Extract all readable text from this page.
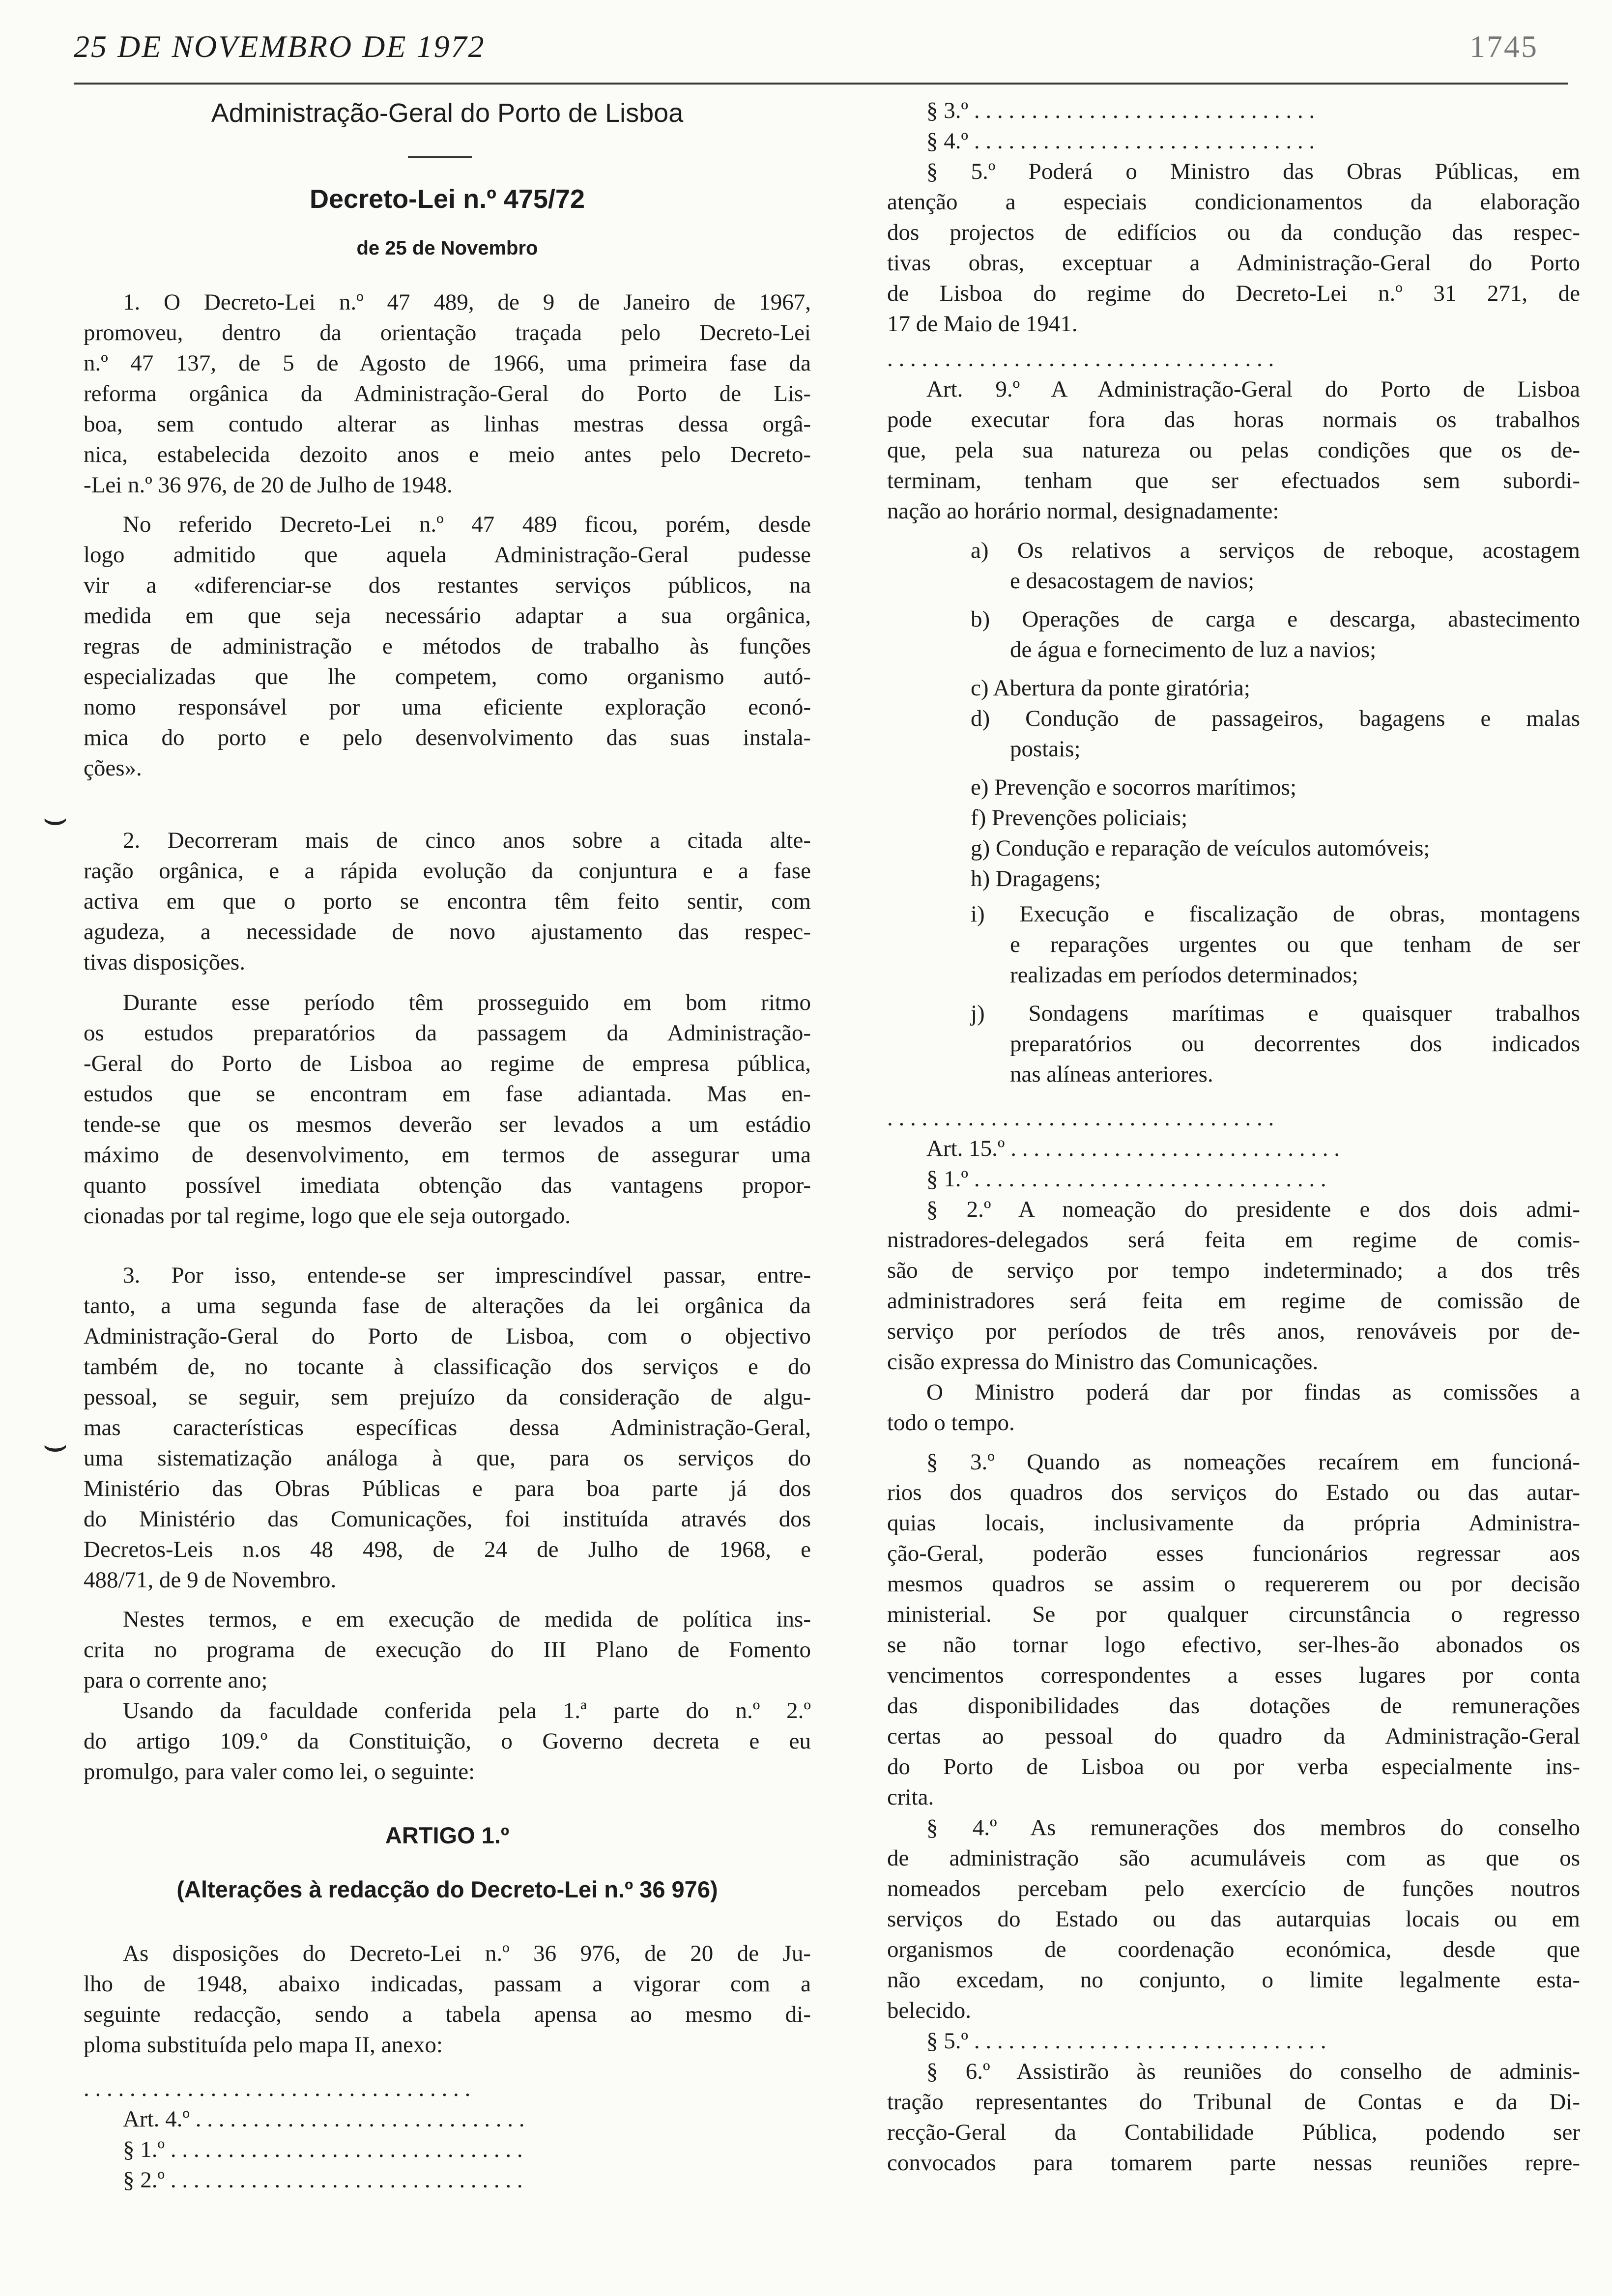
25 DE NOVEMBRO DE 1972	1745
Administração-Geral do Porto de Lisboa
Decreto-Lei n.º 475/72
de 25 de Novembro
1. O Decreto-Lei n.º 47 489, de 9 de Janeiro de 1967,
promoveu, dentro da orientação traçada pelo Decreto-Lei
n.º 47 137, de 5 de Agosto de 1966, uma primeira fase da
reforma orgânica da Administração-Geral do Porto de Lis-
boa, sem contudo alterar as linhas mestras dessa orgâ-
nica, estabelecida dezoito anos e meio antes pelo Decreto-
-Lei n.º 36 976, de 20 de Julho de 1948.
No referido Decreto-Lei n.º 47 489 ficou, porém, desde
logo admitido que aquela Administração-Geral pudesse
vir a «diferenciar-se dos restantes serviços públicos, na
medida em que seja necessário adaptar a sua orgânica,
regras de administração e métodos de trabalho às funções
especializadas que lhe competem, como organismo autó-
nomo responsável por uma eficiente exploração econó-
mica do porto e pelo desenvolvimento das suas instala-
ções».
2. Decorreram mais de cinco anos sobre a citada alte-
ração orgânica, e a rápida evolução da conjuntura e a fase
activa em que o porto se encontra têm feito sentir, com
agudeza, a necessidade de novo ajustamento das respec-
tivas disposições.
Durante esse período têm prosseguido em bom ritmo
os estudos preparatórios da passagem da Administração-
-Geral do Porto de Lisboa ao regime de empresa pública,
estudos que se encontram em fase adiantada. Mas en-
tende-se que os mesmos deverão ser levados a um estádio
máximo de desenvolvimento, em termos de assegurar uma
quanto possível imediata obtenção das vantagens propor-
cionadas por tal regime, logo que ele seja outorgado.
3. Por isso, entende-se ser imprescindível passar, entre-
tanto, a uma segunda fase de alterações da lei orgânica da
Administração-Geral do Porto de Lisboa, com o objectivo
também de, no tocante à classificação dos serviços e do
pessoal, se seguir, sem prejuízo da consideração de algu-
mas características específicas dessa Administração-Geral,
uma sistematização análoga à que, para os serviços do
Ministério das Obras Públicas e para boa parte já dos
do Ministério das Comunicações, foi instituída através dos
Decretos-Leis n.os 48 498, de 24 de Julho de 1968, e
488/71, de 9 de Novembro.
Nestes termos, e em execução de medida de política ins-
crita no programa de execução do III Plano de Fomento
para o corrente ano;
Usando da faculdade conferida pela 1.ª parte do n.º 2.º
do artigo 109.º da Constituição, o Governo decreta e eu
promulgo, para valer como lei, o seguinte:
ARTIGO 1.º
(Alterações à redacção do Decreto-Lei n.º 36 976)
As disposições do Decreto-Lei n.º 36 976, de 20 de Ju-
lho de 1948, abaixo indicadas, passam a vigorar com a
seguinte redacção, sendo a tabela apensa ao mesmo di-
ploma substituída pelo mapa II, anexo:
. . . . . . . . . . . . . . . . . . . . . . . . . . . . . . . . . .
Art. 4.º . . . . . . . . . . . . . . . . . . . . . . . . . . . . .
§ 1.º . . . . . . . . . . . . . . . . . . . . . . . . . . . . . . .
§ 2.º . . . . . . . . . . . . . . . . . . . . . . . . . . . . . . .
§ 3.º . . . . . . . . . . . . . . . . . . . . . . . . . . . . . .
§ 4.º . . . . . . . . . . . . . . . . . . . . . . . . . . . . . .
§ 5.º Poderá o Ministro das Obras Públicas, em
atenção a especiais condicionamentos da elaboração
dos projectos de edifícios ou da condução das respec-
tivas obras, exceptuar a Administração-Geral do Porto
de Lisboa do regime do Decreto-Lei n.º 31 271, de
17 de Maio de 1941.
. . . . . . . . . . . . . . . . . . . . . . . . . . . . . . . . . .
Art. 9.º A Administração-Geral do Porto de Lisboa
pode executar fora das horas normais os trabalhos
que, pela sua natureza ou pelas condições que os de-
terminam, tenham que ser efectuados sem subordi-
nação ao horário normal, designadamente:
a) Os relativos a serviços de reboque, acostagem
e desacostagem de navios;
b) Operações de carga e descarga, abastecimento
de água e fornecimento de luz a navios;
c) Abertura da ponte giratória;
d) Condução de passageiros, bagagens e malas
postais;
e) Prevenção e socorros marítimos;
f) Prevenções policiais;
g) Condução e reparação de veículos automóveis;
h) Dragagens;
i) Execução e fiscalização de obras, montagens
e reparações urgentes ou que tenham de ser
realizadas em períodos determinados;
j) Sondagens marítimas e quaisquer trabalhos
preparatórios ou decorrentes dos indicados
nas alíneas anteriores.
. . . . . . . . . . . . . . . . . . . . . . . . . . . . . . . . . .
Art. 15.º . . . . . . . . . . . . . . . . . . . . . . . . . . . . .
§ 1.º . . . . . . . . . . . . . . . . . . . . . . . . . . . . . . .
§ 2.º A nomeação do presidente e dos dois admi-
nistradores-delegados será feita em regime de comis-
são de serviço por tempo indeterminado; a dos três
administradores será feita em regime de comissão de
serviço por períodos de três anos, renováveis por de-
cisão expressa do Ministro das Comunicações.
O Ministro poderá dar por findas as comissões a
todo o tempo.
§ 3.º Quando as nomeações recaírem em funcioná-
rios dos quadros dos serviços do Estado ou das autar-
quias locais, inclusivamente da própria Administra-
ção-Geral, poderão esses funcionários regressar aos
mesmos quadros se assim o requererem ou por decisão
ministerial. Se por qualquer circunstância o regresso
se não tornar logo efectivo, ser-lhes-ão abonados os
vencimentos correspondentes a esses lugares por conta
das disponibilidades das dotações de remunerações
certas ao pessoal do quadro da Administração-Geral
do Porto de Lisboa ou por verba especialmente ins-
crita.
§ 4.º As remunerações dos membros do conselho
de administração são acumuláveis com as que os
nomeados percebam pelo exercício de funções noutros
serviços do Estado ou das autarquias locais ou em
organismos de coordenação económica, desde que
não excedam, no conjunto, o limite legalmente esta-
belecido.
§ 5.º . . . . . . . . . . . . . . . . . . . . . . . . . . . . . . .
§ 6.º Assistirão às reuniões do conselho de adminis-
tração representantes do Tribunal de Contas e da Di-
recção-Geral da Contabilidade Pública, podendo ser
convocados para tomarem parte nessas reuniões repre-
⌣
⌣
